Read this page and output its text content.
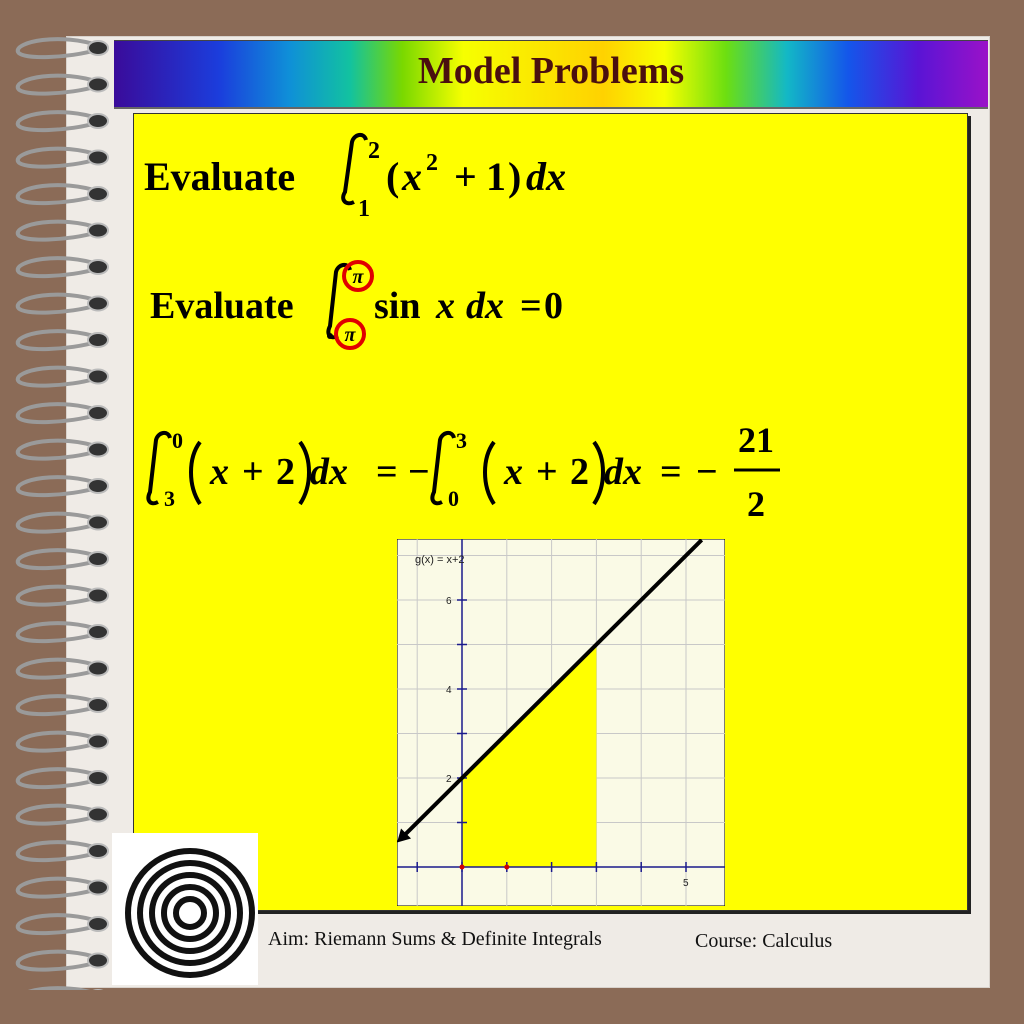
Model Problems
Evaluate
2
1
( x 2 + 1 ) dx
Evaluate
π
π
sin x dx = 0
0
3
x + 2 dx = −
3
0
x + 2 dx = −
21
2
g(x) = x+2
6
4
2
5
Aim: Riemann Sums & Definite Integrals	Course: Calculus
